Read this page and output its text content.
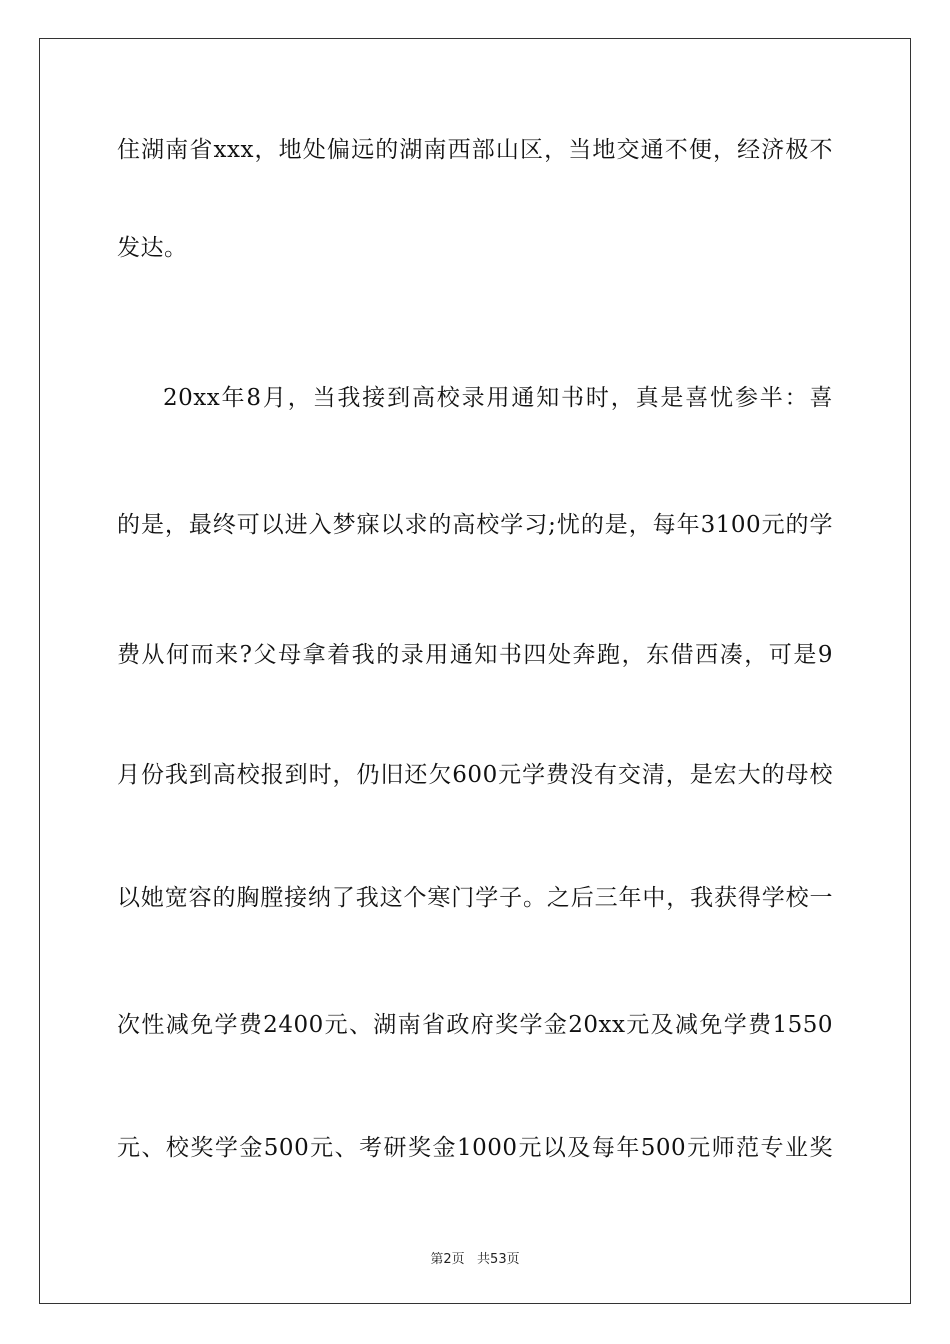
住湖南省xxx，地处偏远的湖南西部山区，当地交通不便，经济极不
发达。
20xx年8月，当我接到高校录用通知书时，真是喜忧参半：喜
的是，最终可以进入梦寐以求的高校学习;忧的是，每年3100元的学
费从何而来?父母拿着我的录用通知书四处奔跑，东借西凑，可是9
月份我到高校报到时，仍旧还欠600元学费没有交清，是宏大的母校
以她宽容的胸膛接纳了我这个寒门学子。之后三年中，我获得学校一
次性减免学费2400元、湖南省政府奖学金20xx元及减免学费1550
元、校奖学金500元、考研奖金1000元以及每年500元师范专业奖
第2页   共53页
